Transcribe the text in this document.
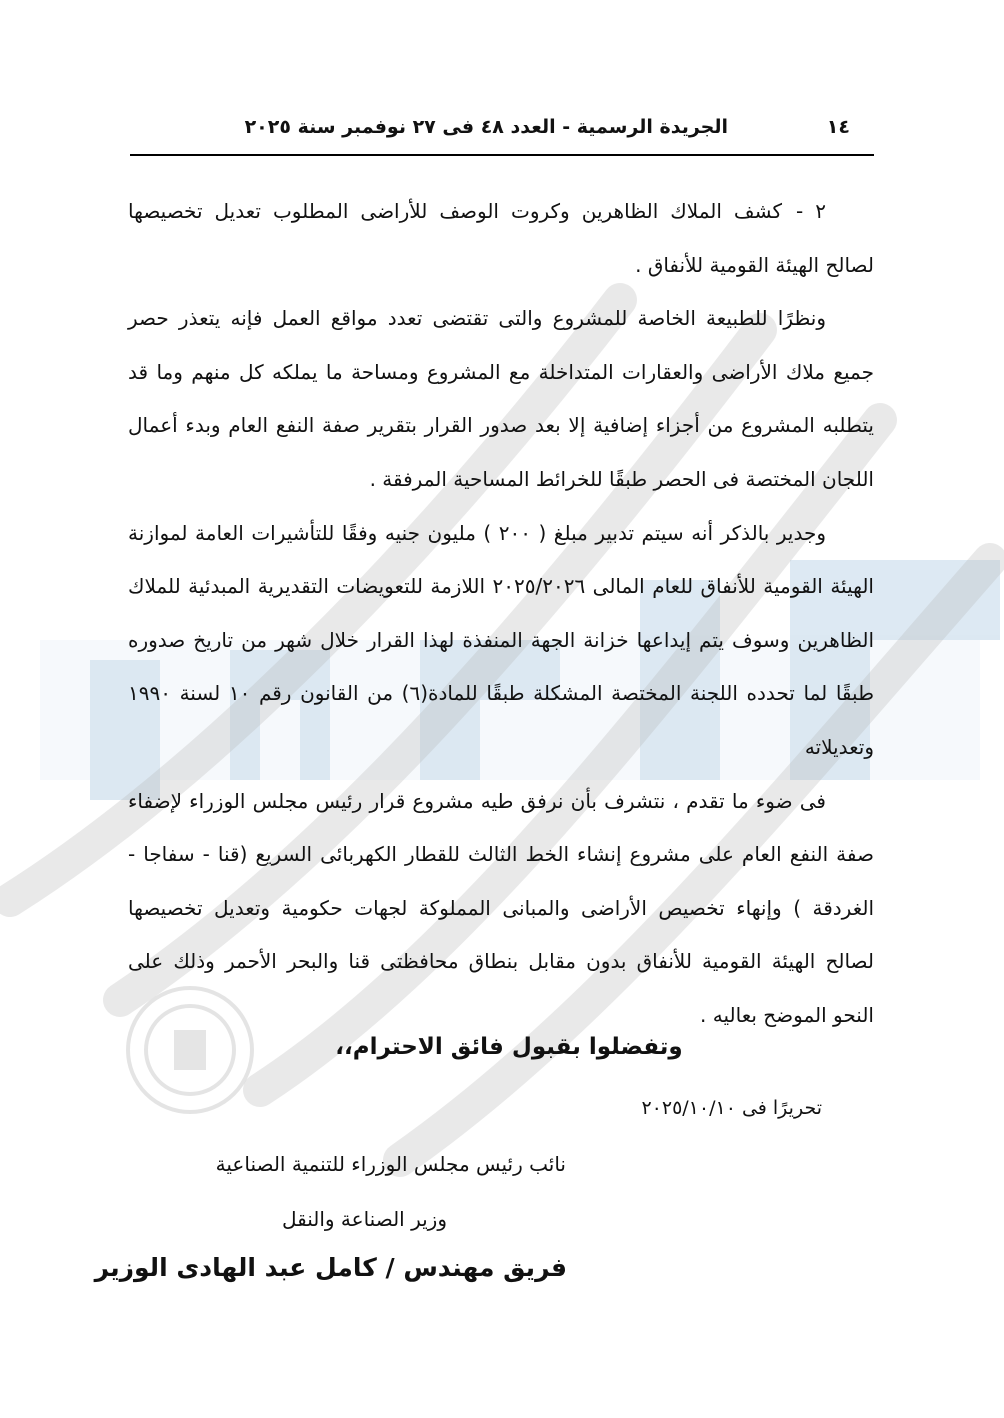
١٤
الجريدة الرسمية - العدد ٤٨ فى ٢٧ نوفمبر سنة ٢٠٢٥

٢ -كشف الملاك الظاهرين وكروت الوصف للأراضى المطلوب تعديل تخصيصها لصالح الهيئة القومية للأنفاق .

ونظرًا للطبيعة الخاصة للمشروع والتى تقتضى تعدد مواقع العمل فإنه يتعذر حصر جميع ملاك الأراضى والعقارات المتداخلة مع المشروع ومساحة ما يملكه كل منهم وما قد يتطلبه المشروع من أجزاء إضافية إلا بعد صدور القرار بتقرير صفة النفع العام وبدء أعمال اللجان المختصة فى الحصر طبقًا للخرائط المساحية المرفقة .

وجدير بالذكر أنه سيتم تدبير مبلغ ( ٢٠٠ ) مليون جنيه وفقًا للتأشيرات العامة لموازنة الهيئة القومية للأنفاق للعام المالى ٢٠٢٥/٢٠٢٦ اللازمة للتعويضات التقديرية المبدئية للملاك الظاهرين وسوف يتم إيداعها خزانة الجهة المنفذة لهذا القرار خلال شهر من تاريخ صدوره طبقًا لما تحدده اللجنة المختصة المشكلة طبقًا للمادة(٦) من القانون رقم ١٠ لسنة ١٩٩٠ وتعديلاته

فى ضوء ما تقدم ، نتشرف بأن نرفق طيه مشروع قرار رئيس مجلس الوزراء لإضفاء صفة النفع العام على مشروع إنشاء الخط الثالث للقطار الكهربائى السريع (قنا - سفاجا - الغردقة ) وإنهاء تخصيص الأراضى والمبانى المملوكة لجهات حكومية وتعديل تخصيصها لصالح الهيئة القومية للأنفاق بدون مقابل بنطاق محافظتى قنا والبحر الأحمر وذلك على النحو الموضح بعاليه .

وتفضلوا بقبول فائق الاحترام،،
تحريرًا فى ٢٠٢٥/١٠/١٠
نائب رئيس مجلس الوزراء للتنمية الصناعية
وزير الصناعة والنقل
فريق مهندس / كامل عبد الهادى الوزير
